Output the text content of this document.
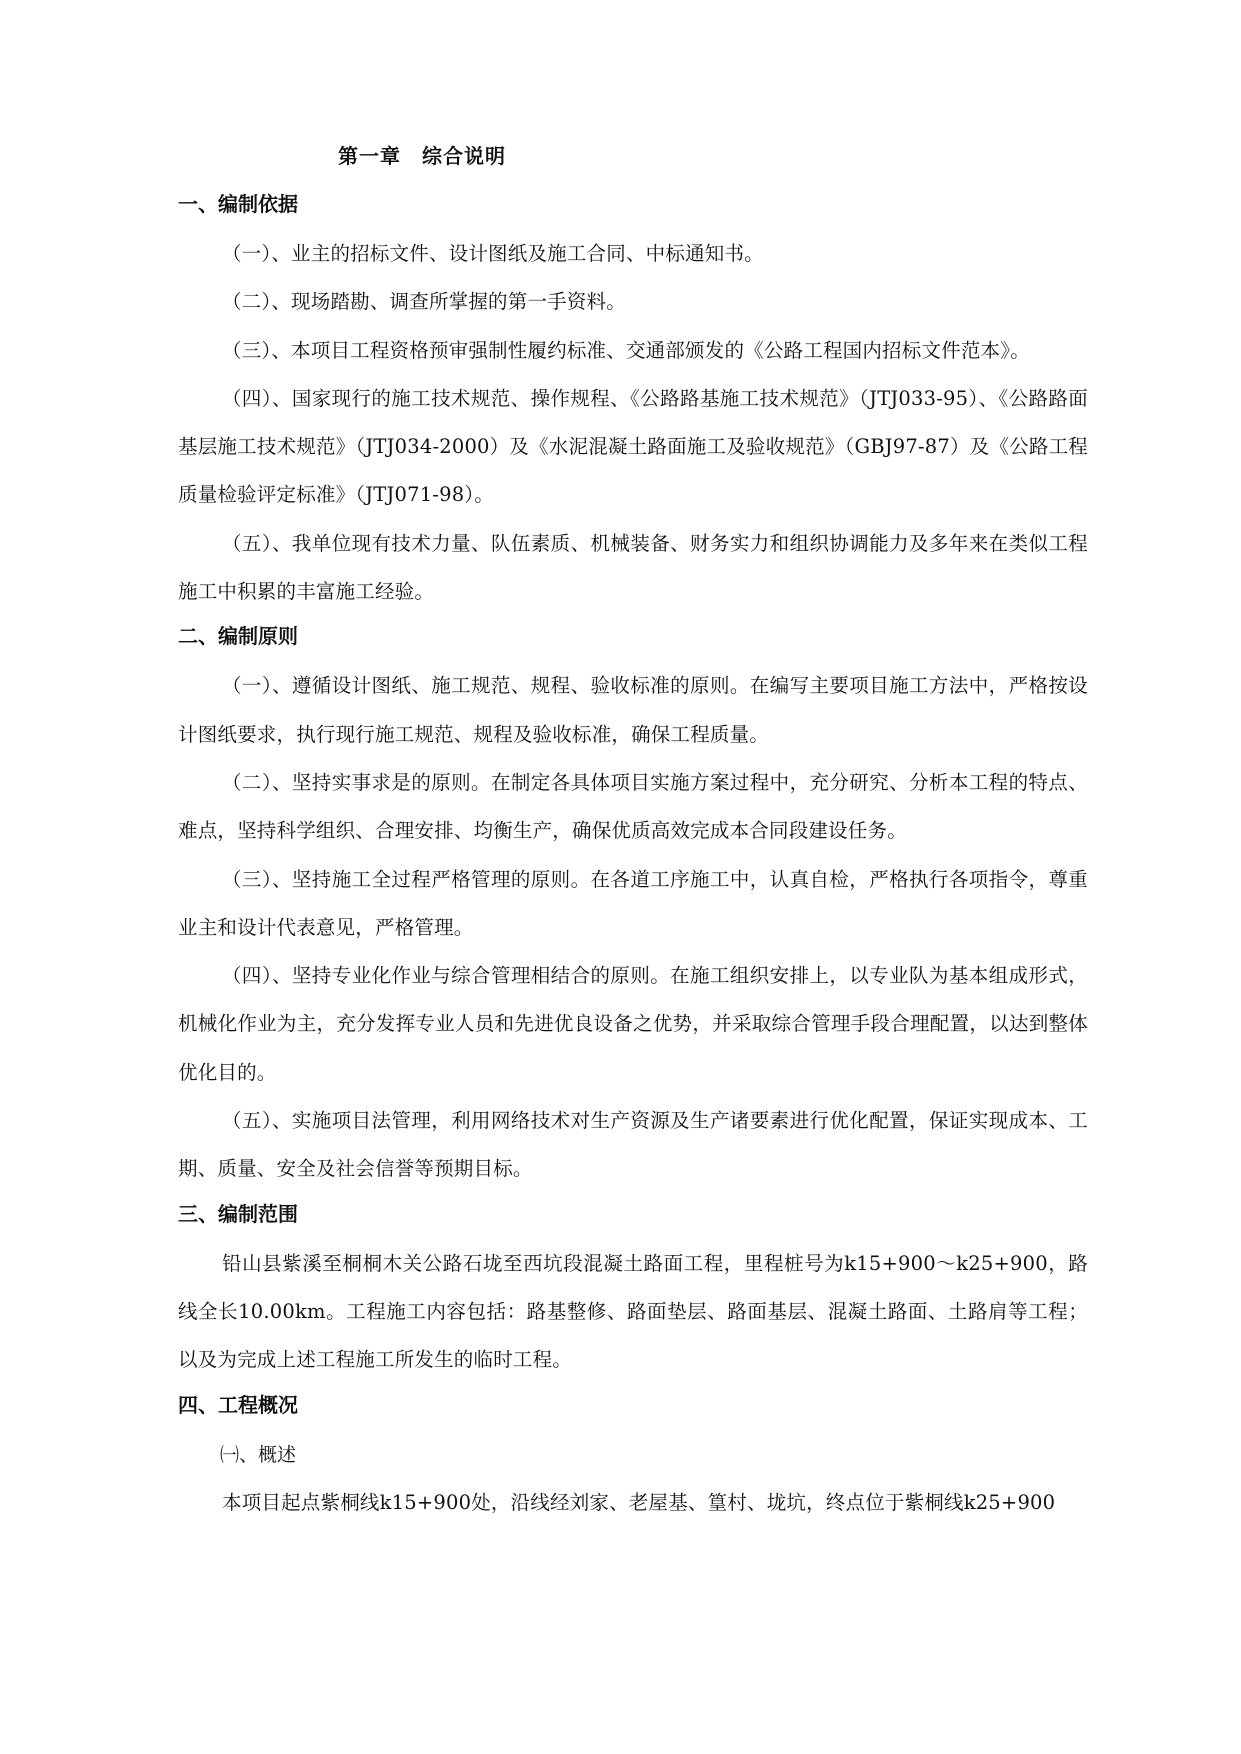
第一章　综合说明
一、编制依据

（一）、业主的招标文件、设计图纸及施工合同、中标通知书。

（二）、现场踏勘、调查所掌握的第一手资料。

（三）、本项目工程资格预审强制性履约标准、交通部颁发的《公路工程国内招标文件范本》。

（四）、国家现行的施工技术规范、操作规程、《公路路基施工技术规范》（JTJ033-95）、《公路路面基层施工技术规范》（JTJ034-2000）及《水泥混凝土路面施工及验收规范》（GBJ97-87）及《公路工程质量检验评定标准》（JTJ071-98）。

（五）、我单位现有技术力量、队伍素质、机械装备、财务实力和组织协调能力及多年来在类似工程施工中积累的丰富施工经验。

二、编制原则

（一）、遵循设计图纸、施工规范、规程、验收标准的原则。在编写主要项目施工方法中，严格按设计图纸要求，执行现行施工规范、规程及验收标准，确保工程质量。

（二）、坚持实事求是的原则。在制定各具体项目实施方案过程中，充分研究、分析本工程的特点、难点，坚持科学组织、合理安排、均衡生产，确保优质高效完成本合同段建设任务。

（三）、坚持施工全过程严格管理的原则。在各道工序施工中，认真自检，严格执行各项指令，尊重业主和设计代表意见，严格管理。

（四）、坚持专业化作业与综合管理相结合的原则。在施工组织安排上，以专业队为基本组成形式，机械化作业为主，充分发挥专业人员和先进优良设备之优势，并采取综合管理手段合理配置，以达到整体优化目的。

（五）、实施项目法管理，利用网络技术对生产资源及生产诸要素进行优化配置，保证实现成本、工期、质量、安全及社会信誉等预期目标。

三、编制范围

铅山县紫溪至桐桐木关公路石垅至西坑段混凝土路面工程，里程桩号为k15+900～k25+900，路线全长10.00km。工程施工内容包括：路基整修、路面垫层、路面基层、混凝土路面、土路肩等工程；以及为完成上述工程施工所发生的临时工程。

四、工程概况

㈠、概述

本项目起点紫桐线k15+900处，沿线经刘家、老屋基、篁村、垅坑，终点位于紫桐线k25+900
